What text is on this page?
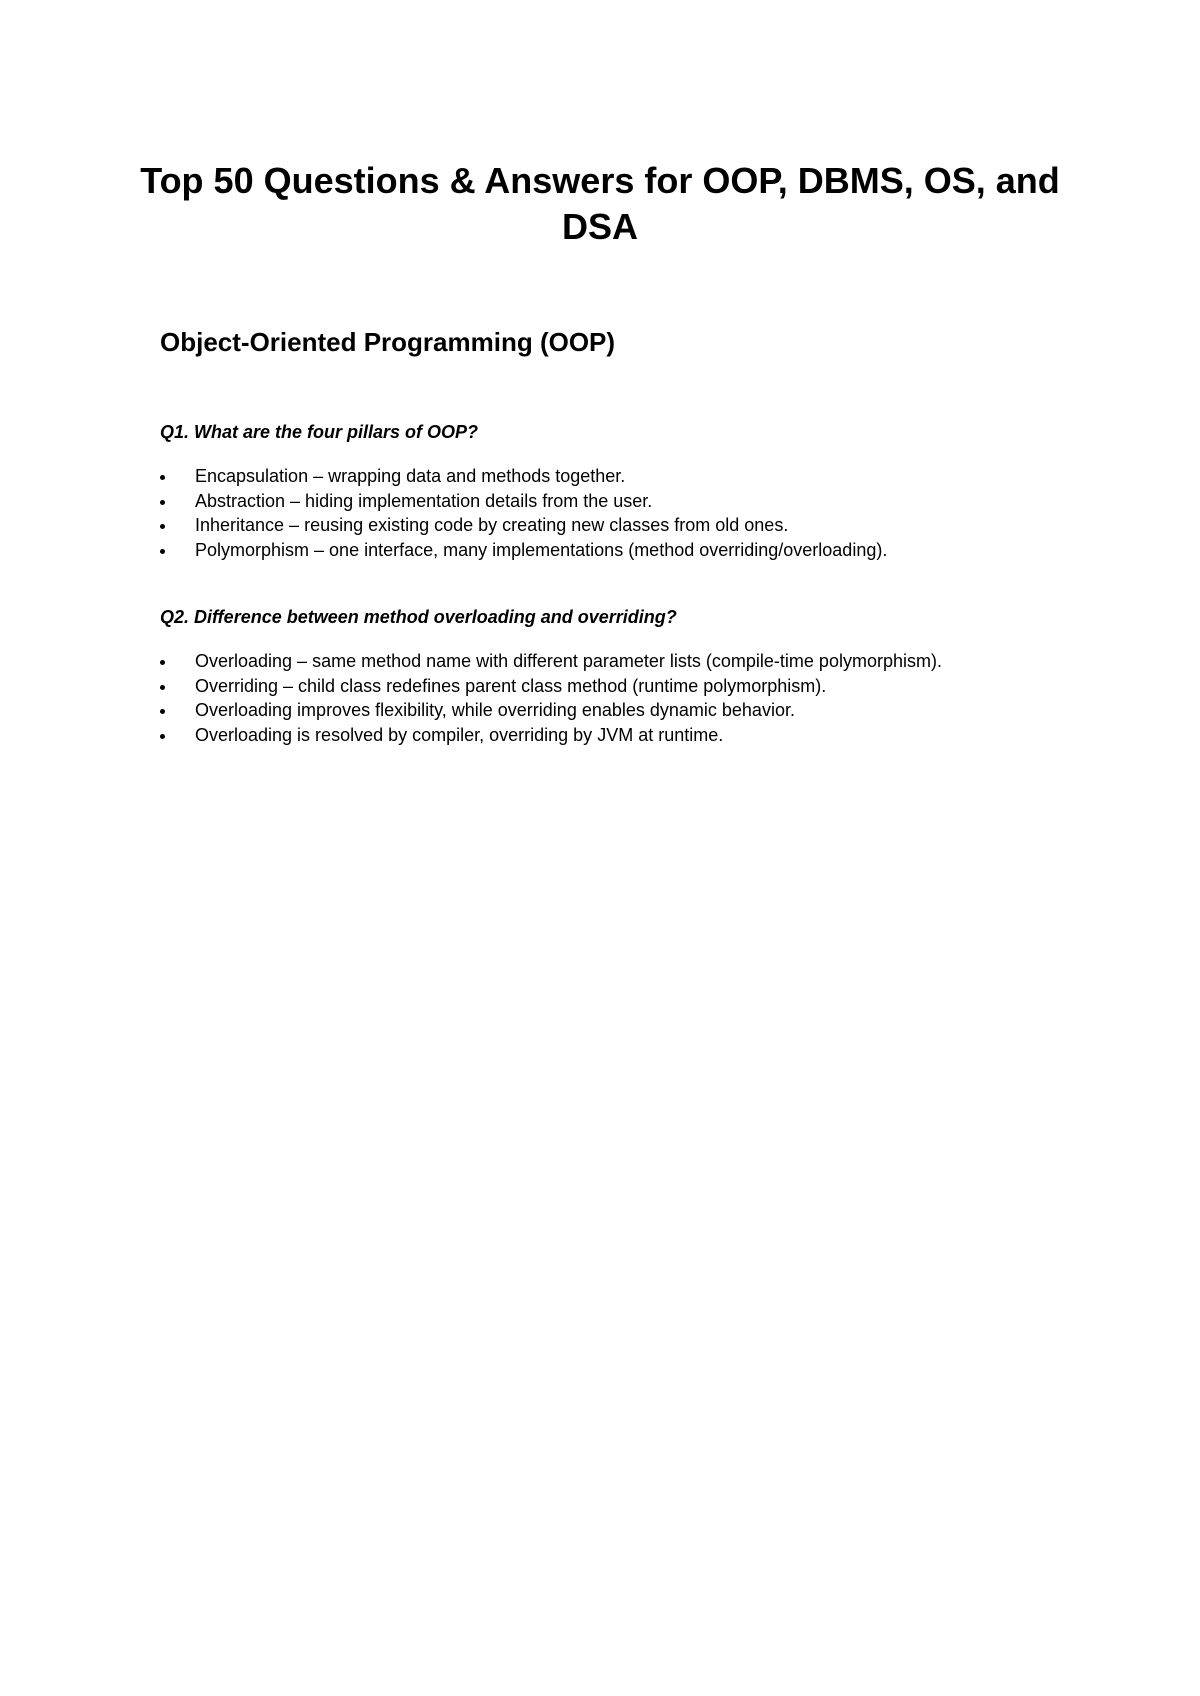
Top 50 Questions & Answers for OOP, DBMS, OS, and DSA
Object-Oriented Programming (OOP)

Q1. What are the four pillars of OOP?

Encapsulation – wrapping data and methods together.
Abstraction – hiding implementation details from the user.
Inheritance – reusing existing code by creating new classes from old ones.
Polymorphism – one interface, many implementations (method overriding/overloading).

Q2. Difference between method overloading and overriding?

Overloading – same method name with different parameter lists (compile-time polymorphism).
Overriding – child class redefines parent class method (runtime polymorphism).
Overloading improves flexibility, while overriding enables dynamic behavior.
Overloading is resolved by compiler, overriding by JVM at runtime.
